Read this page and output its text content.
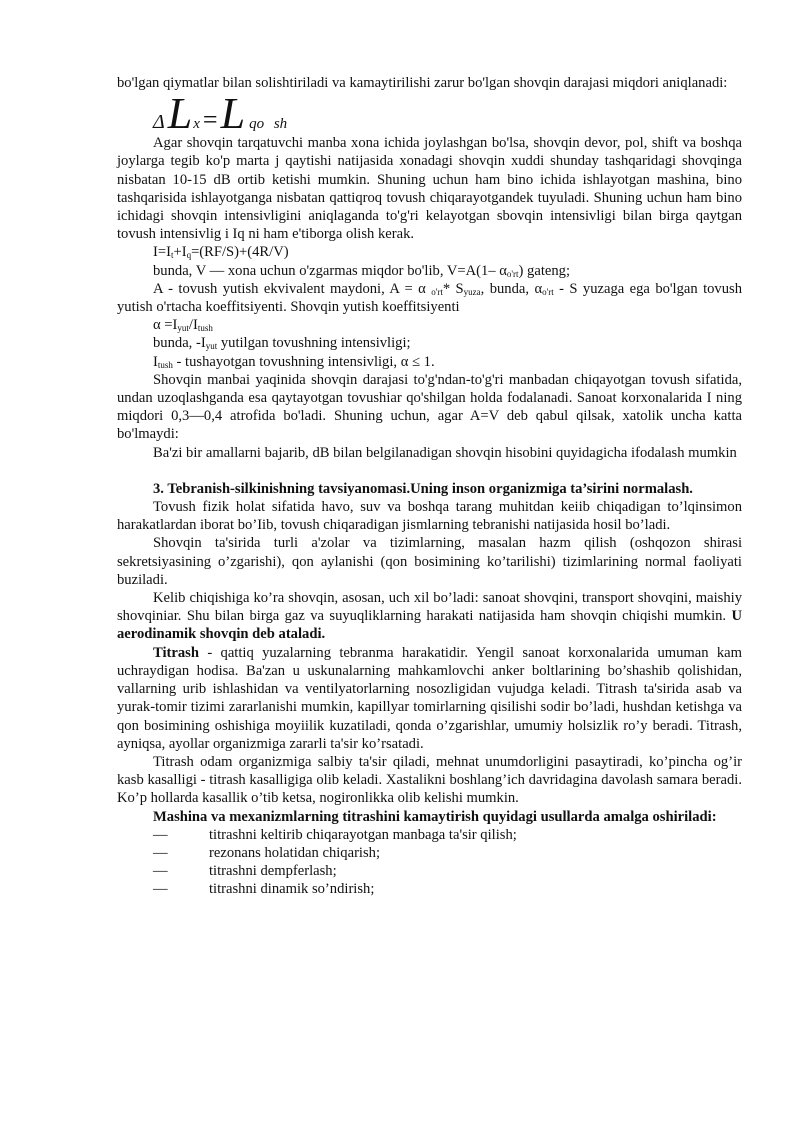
bo'lgan qiymatlar bilan solishtiriladi va kamaytirilishi zarur bo'lgan shovqin darajasi miqdori aniqlanadi:

Δ L x = L qo sh

Agar shovqin tarqatuvchi manba xona ichida joylashgan bo'lsa, shovqin devor, pol, shift va boshqa joylarga tegib ko'p marta j qaytishi natijasida xonadagi shovqin xuddi shunday tashqaridagi shovqinga nisbatan 10-15 dB ortib ketishi mumkin. Shuning uchun ham bino ichida ishlayotgan mashina, bino tashqarisida ishlayotganga nisbatan qattiqroq tovush chiqarayotgandek tuyuladi. Shuning uchun ham bino ichidagi shovqin intensivligini aniqlaganda to'g'ri kelayotgan sbovqin intensivligi bilan birga qaytgan tovush intensivlig i Iq ni ham e'tiborga olish kerak.

$I=I_t+I_q=(RF/S)+(4R/V)$

bunda, V — xona uchun o'zgarmas miqdor bo'lib, V=A(1– $\alpha_{o'rt}$) gateng;

A - tovush yutish ekvivalent maydoni, A = α $_{o'rt}$* $S_{yuza}$, bunda, $\alpha_{o'rt}$ - S yuzaga ega bo'lgan tovush yutish o'rtacha koeffitsiyenti. Shovqin yutish koeffitsiyenti

$\alpha =I_{yut}/I_{tush}$

bunda, $-I_{yut}$ yutilgan tovushning intensivligi;

$I_{tush}$ - tushayotgan tovushning intensivligi, α ≤ 1.

Shovqin manbai yaqinida shovqin darajasi to'g'ndan-to'g'ri manbadan chiqayotgan tovush sifatida, undan uzoqlashganda esa qaytayotgan tovushiar qo'shilgan holda fodalanadi. Sanoat korxonalarida I ning miqdori 0,3—0,4 atrofida bo'ladi. Shuning uchun, agar A=V deb qabul qilsak, xatolik uncha katta bo'lmaydi:

Ba'zi bir amallarni bajarib, dB bilan belgilanadigan shovqin hisobini quyidagicha ifodalash mumkin

3. Tebranish-silkinishning tavsiyanomasi.Uning inson organizmiga ta’sirini normalash.

Tovush fizik holat sifatida havo, suv va boshqa tarang muhitdan keiib chiqadigan to’lqinsimon harakatlardan iborat bo’Iib, tovush chiqaradigan jismlarning tebranishi natijasida hosil bo’ladi.

Shovqin ta'sirida turli a'zolar va tizimlarning, masalan hazm qilish (oshqozon shirasi sekretsiyasining o’zgarishi), qon aylanishi (qon bosimining ko’tarilishi) tizimlarining normal faoliyati buziladi.

Kelib chiqishiga ko’ra shovqin, asosan, uch xil bo’ladi: sanoat shovqini, transport shovqini, maishiy shovqiniar. Shu bilan birga gaz va suyuqliklarning harakati natijasida ham shovqin chiqishi mumkin. U aerodinamik shovqin deb ataladi.

Titrash - qattiq yuzalarning tebranma harakatidir. Yengil sanoat korxonalarida umuman kam uchraydigan hodisa. Ba'zan u uskunalarning mahkamlovchi anker boltlarining bo’shashib qolishidan, vallarning urib ishlashidan va ventilyatorlarning nosozligidan vujudga keladi. Titrash ta'sirida asab va yurak-tomir tizimi zararlanishi mumkin, kapillyar tomirlarning qisilishi sodir bo’ladi, hushdan ketishga va qon bosimining oshishiga moyiilik kuzatiladi, qonda o’zgarishlar, umumiy holsizlik ro’y beradi. Titrash, ayniqsa, ayollar organizmiga zararli ta'sir ko’rsatadi.

Titrash odam organizmiga salbiy ta'sir qiladi, mehnat unumdorligini pasaytiradi, ko’pincha og’ir kasb kasalligi - titrash kasalligiga olib keladi. Xastalikni boshlang’ich davridagina davolash samara beradi. Ko’p hollarda kasallik o’tib ketsa, nogironlikka olib kelishi mumkin.

Mashina va mexanizmlarning titrashini kamaytirish quyidagi usullarda amalga oshiriladi:

—	titrashni keltirib chiqarayotgan manbaga ta'sir qilish;
—	rezonans holatidan chiqarish;
—	titrashni dempferlash;
—	titrashni dinamik so’ndirish;
